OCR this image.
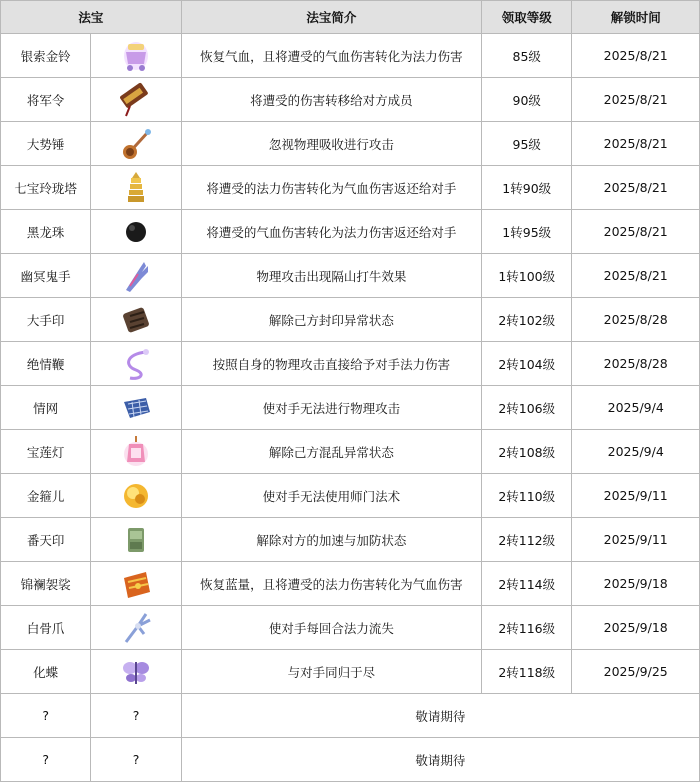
法宝		法宝简介	领取等级	解锁时间
银索金铃		恢复气血，且将遭受的气血伤害转化为法力伤害	85级	2025/8/21
将军令		将遭受的伤害转移给对方成员	90级	2025/8/21
大势锤		忽视物理吸收进行攻击	95级	2025/8/21
七宝玲珑塔		将遭受的法力伤害转化为气血伤害返还给对手	1转90级	2025/8/21
黑龙珠		将遭受的气血伤害转化为法力伤害返还给对手	1转95级	2025/8/21
幽冥鬼手		物理攻击出现隔山打牛效果	1转100级	2025/8/21
大手印		解除己方封印异常状态	2转102级	2025/8/28
绝情鞭		按照自身的物理攻击直接给予对手法力伤害	2转104级	2025/8/28
情网		使对手无法进行物理攻击	2转106级	2025/9/4
宝莲灯		解除己方混乱异常状态	2转108级	2025/9/4
金箍儿		使对手无法使用师门法术	2转110级	2025/9/11
番天印		解除对方的加速与加防状态	2转112级	2025/9/11
锦襕袈裟		恢复蓝量，且将遭受的法力伤害转化为气血伤害	2转114级	2025/9/18
白骨爪		使对手每回合法力流失	2转116级	2025/9/18
化蝶		与对手同归于尽	2转118级	2025/9/25
?	?	敬请期待		
?	?	敬请期待		
